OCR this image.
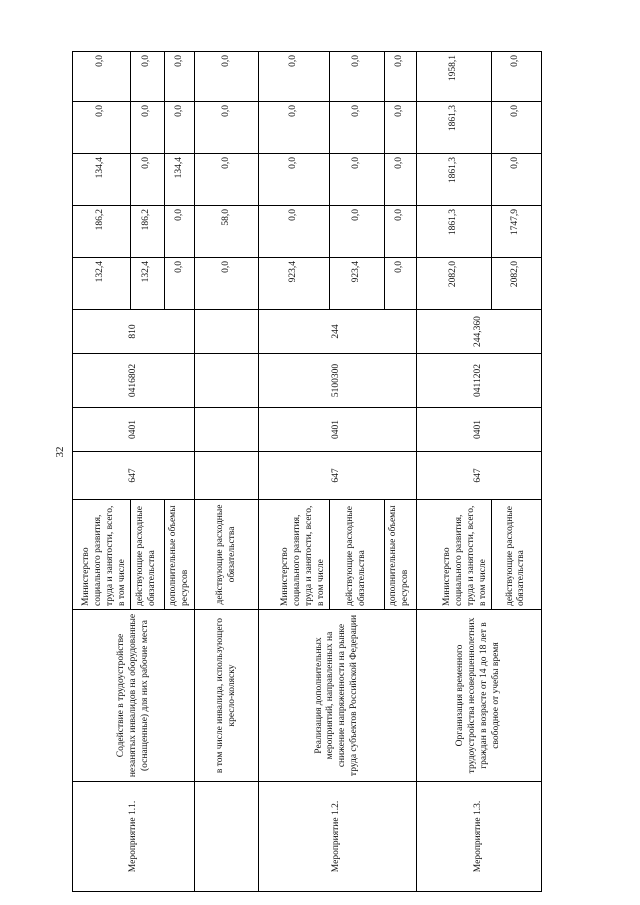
32
Мероприятие 1.1.	Содействие в трудоустройстве незанятых инвалидов на оборудованные (оснащенные) для них рабочие места	Министерство социального развития, труда и занятости, всего, в том числе	647	0401	0416802	810	132,4	186,2	134,4	0,0	0,0
		действующие расходные обязательства					132,4	186,2	0,0	0,0	0,0
		дополнительные объемы ресурсов					0,0	0,0	134,4	0,0	0,0
	в том числе инвалида, использующего кресло-коляску	действующие расходные обязательства					0,0	58,0	0,0	0,0	0,0
Мероприятие 1.2.	Реализация дополнительных мероприятий, направленных на снижение напряженности на рынке труда субъектов Российской Федерации	Министерство социального развития, труда и занятости, всего, в том числе	647	0401	5100300	244	923,4	0,0	0,0	0,0	0,0
		действующие расходные обязательства					923,4	0,0	0,0	0,0	0,0
		дополнительные объемы ресурсов					0,0	0,0	0,0	0,0	0,0
Мероприятие 1.3.	Организация временного трудоустройства несовершеннолетних граждан в возрасте от 14 до 18 лет в свободное от учебы время	Министерство социального развития, труда и занятости, всего, в том числе	647	0401	0411202	244,360	2082,0	1861,3	1861,3	1861,3	1958,1
		действующие расходные обязательства					2082,0	1747,9	0,0	0,0	0,0
